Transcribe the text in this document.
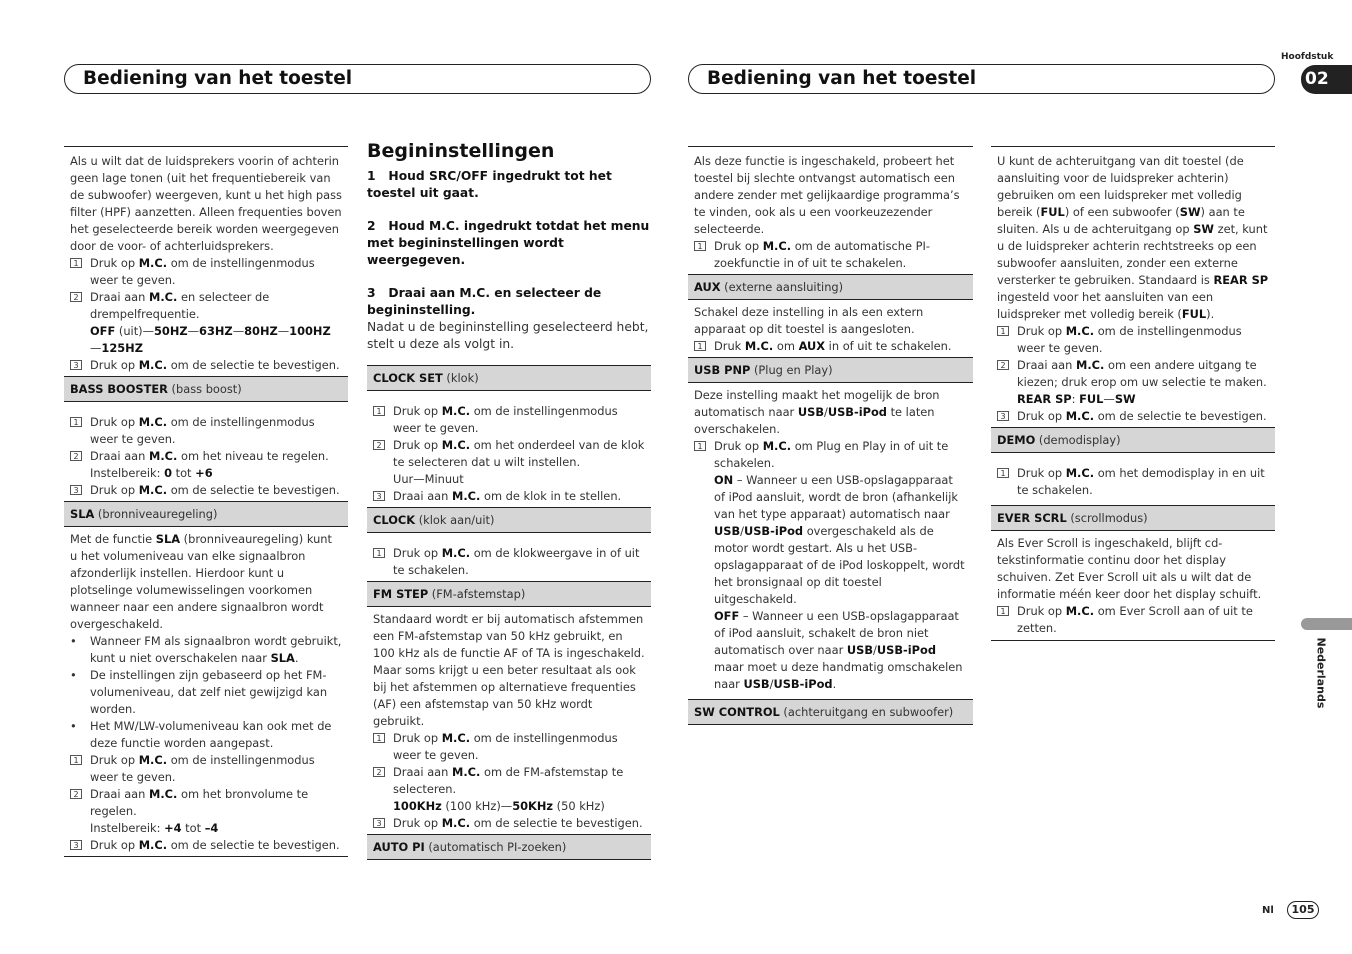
Bediening van het toestel	Bediening van het toestel
Hoofdstuk
02

Als u wilt dat de luidsprekers voorin of achterin geen lage tonen (uit het frequentiebereik van de subwoofer) weergeven, kunt u het high pass filter (HPF) aanzetten. Alleen frequenties boven het geselecteerde bereik worden weergegeven door de voor- of achterluidsprekers.

1	Druk op M.C. om de instellingenmodus weer te geven.
2	Draai aan M.C. en selecteer de drempelfrequentie.
OFF (uit)—50HZ—63HZ—80HZ—100HZ—125HZ
3	Druk op M.C. om de selectie te bevestigen.

BASS BOOSTER (bass boost)

1	Druk op M.C. om de instellingenmodus weer te geven.
2	Draai aan M.C. om het niveau te regelen.
Instelbereik: 0 tot +6
3	Druk op M.C. om de selectie te bevestigen.

SLA (bronniveauregeling)

Met de functie SLA (bronniveauregeling) kunt u het volumeniveau van elke signaalbron afzonderlijk instellen. Hierdoor kunt u plotselinge volumewisselingen voorkomen wanneer naar een andere signaalbron wordt overgeschakeld.

•	Wanneer FM als signaalbron wordt gebruikt, kunt u niet overschakelen naar SLA.
•	De instellingen zijn gebaseerd op het FM-volumeniveau, dat zelf niet gewijzigd kan worden.
•	Het MW/LW-volumeniveau kan ook met de deze functie worden aangepast.
1	Druk op M.C. om de instellingenmodus weer te geven.
2	Draai aan M.C. om het bronvolume te regelen.
Instelbereik: +4 tot –4
3	Druk op M.C. om de selectie te bevestigen.
Begininstellingen

1   Houd SRC/OFF ingedrukt tot het toestel uit gaat.

2   Houd M.C. ingedrukt totdat het menu met begininstellingen wordt weergegeven.

3   Draai aan M.C. en selecteer de begininstelling.

Nadat u de begininstelling geselecteerd hebt, stelt u deze als volgt in.

CLOCK SET (klok)

1	Druk op M.C. om de instellingenmodus weer te geven.
2	Druk op M.C. om het onderdeel van de klok te selecteren dat u wilt instellen.
Uur—Minuut
3	Draai aan M.C. om de klok in te stellen.

CLOCK (klok aan/uit)

1	Druk op M.C. om de klokweergave in of uit te schakelen.

FM STEP (FM-afstemstap)

Standaard wordt er bij automatisch afstemmen een FM-afstemstap van 50 kHz gebruikt, en 100 kHz als de functie AF of TA is ingeschakeld. Maar soms krijgt u een beter resultaat als ook bij het afstemmen op alternatieve frequenties (AF) een afstemstap van 50 kHz wordt gebruikt.

1	Druk op M.C. om de instellingenmodus weer te geven.
2	Draai aan M.C. om de FM-afstemstap te selecteren.
100KHz (100 kHz)—50KHz (50 kHz)
3	Druk op M.C. om de selectie te bevestigen.

AUTO PI (automatisch PI-zoeken)

Als deze functie is ingeschakeld, probeert het toestel bij slechte ontvangst automatisch een andere zender met gelijkaardige programma’s te vinden, ook als u een voorkeuzezender selecteerde.

1	Druk op M.C. om de automatische PI-zoekfunctie in of uit te schakelen.

AUX (externe aansluiting)

Schakel deze instelling in als een extern apparaat op dit toestel is aangesloten.

1	Druk M.C. om AUX in of uit te schakelen.

USB PNP (Plug en Play)

Deze instelling maakt het mogelijk de bron automatisch naar USB/USB-iPod te laten overschakelen.

1	Druk op M.C. om Plug en Play in of uit te schakelen.
ON – Wanneer u een USB-opslagapparaat of iPod aansluit, wordt de bron (afhankelijk van het type apparaat) automatisch naar USB/USB-iPod overgeschakeld als de motor wordt gestart. Als u het USB-opslagapparaat of de iPod loskoppelt, wordt het bronsignaal op dit toestel uitgeschakeld.
OFF – Wanneer u een USB-opslagapparaat of iPod aansluit, schakelt de bron niet automatisch over naar USB/USB-iPod maar moet u deze handmatig omschakelen naar USB/USB-iPod.

SW CONTROL (achteruitgang en subwoofer)

U kunt de achteruitgang van dit toestel (de aansluiting voor de luidspreker achterin) gebruiken om een luidspreker met volledig bereik (FUL) of een subwoofer (SW) aan te sluiten. Als u de achteruitgang op SW zet, kunt u de luidspreker achterin rechtstreeks op een subwoofer aansluiten, zonder een externe versterker te gebruiken. Standaard is REAR SP ingesteld voor het aansluiten van een luidspreker met volledig bereik (FUL).

1	Druk op M.C. om de instellingenmodus weer te geven.
2	Draai aan M.C. om een andere uitgang te kiezen; druk erop om uw selectie te maken.
REAR SP: FUL—SW
3	Druk op M.C. om de selectie te bevestigen.

DEMO (demodisplay)

1	Druk op M.C. om het demodisplay in en uit te schakelen.

EVER SCRL (scrollmodus)

Als Ever Scroll is ingeschakeld, blijft cd-tekstinformatie continu door het display schuiven. Zet Ever Scroll uit als u wilt dat de informatie méén keer door het display schuift.

1	Druk op M.C. om Ever Scroll aan of uit te zetten.
Nederlands
Nl	105
